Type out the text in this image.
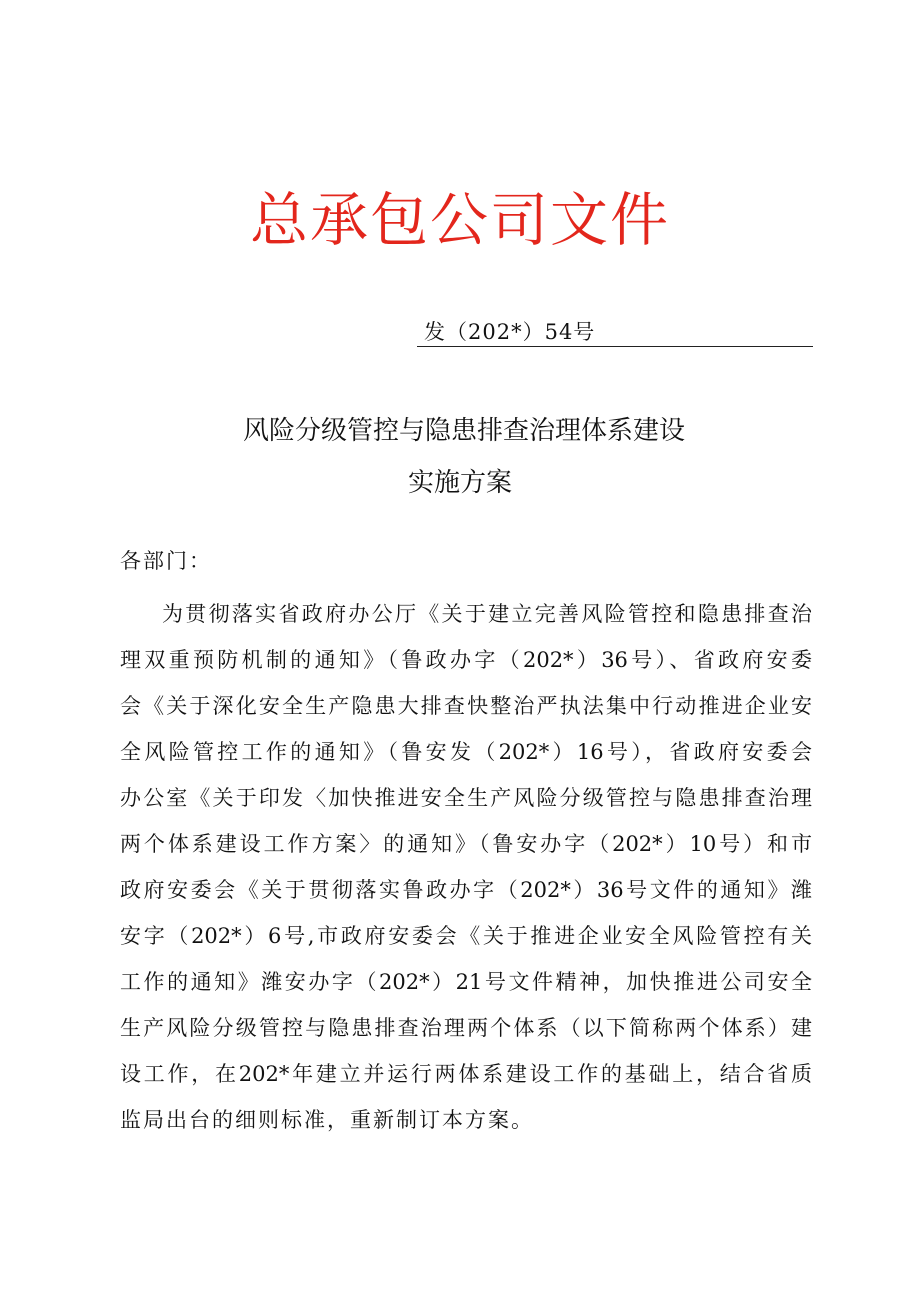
总承包公司文件
发（202*）54号
风险分级管控与隐患排查治理体系建设
实施方案
各部门：
为贯彻落实省政府办公厅《关于建立完善风险管控和隐患排查治
理双重预防机制的通知》（鲁政办字（202*）36号）、省政府安委
会《关于深化安全生产隐患大排查快整治严执法集中行动推进企业安
全风险管控工作的通知》（鲁安发（202*）16号），省政府安委会
办公室《关于印发〈加快推进安全生产风险分级管控与隐患排查治理
两个体系建设工作方案〉的通知》（鲁安办字（202*）10号）和市
政府安委会《关于贯彻落实鲁政办字（202*）36号文件的通知》潍
安字（202*）6号,市政府安委会《关于推进企业安全风险管控有关
工作的通知》潍安办字（202*）21号文件精神，加快推进公司安全
生产风险分级管控与隐患排查治理两个体系（以下简称两个体系）建
设工作，在202*年建立并运行两体系建设工作的基础上，结合省质
监局出台的细则标准，重新制订本方案。
